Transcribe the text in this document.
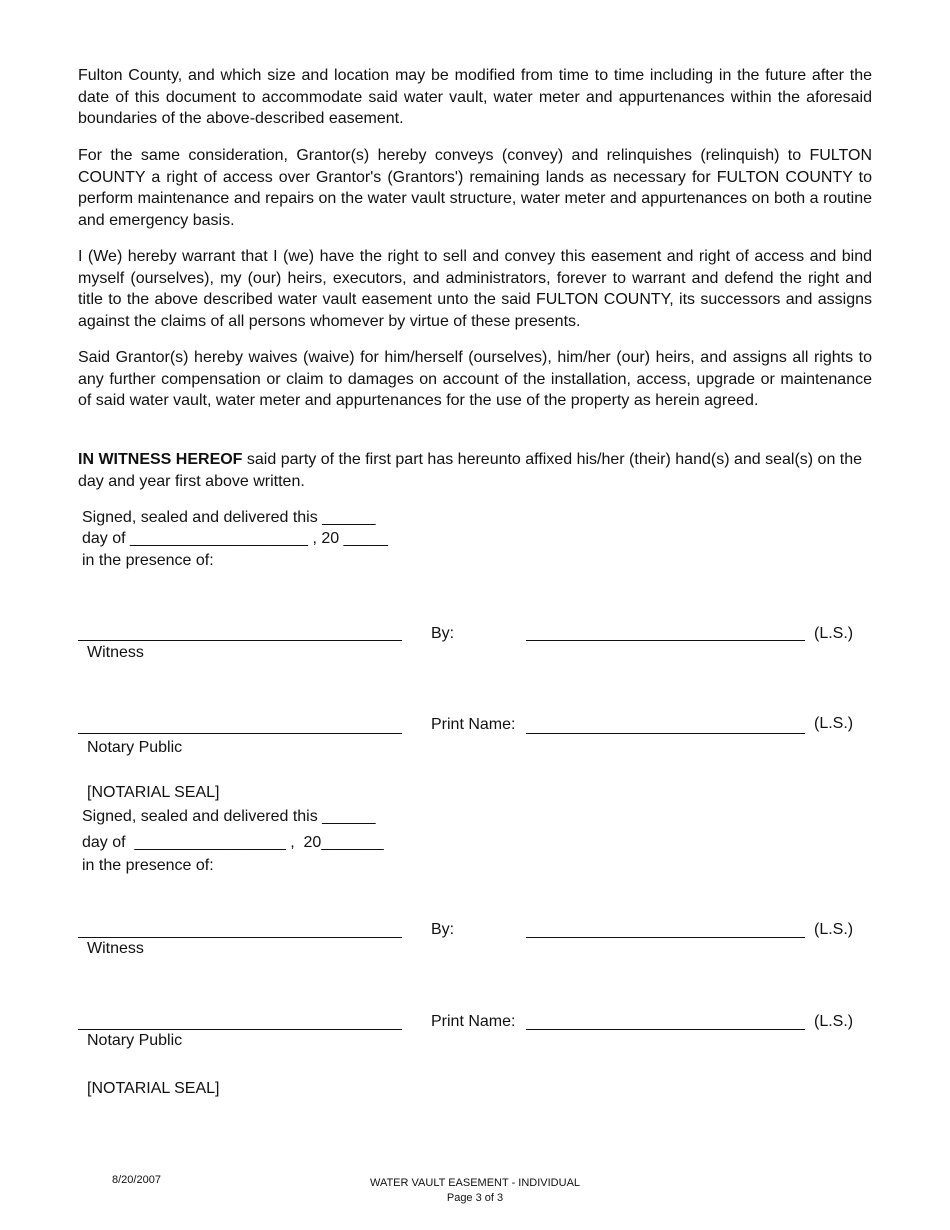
Fulton County, and which size and location may be modified from time to time including in the future after the date of this document to accommodate said water vault, water meter and appurtenances within the aforesaid boundaries of the above-described easement.

For the same consideration, Grantor(s) hereby conveys (convey) and relinquishes (relinquish) to FULTON COUNTY a right of access over Grantor's (Grantors') remaining lands as necessary for FULTON COUNTY to perform maintenance and repairs on the water vault structure, water meter and appurtenances on both a routine and emergency basis.

I (We) hereby warrant that I (we) have the right to sell and convey this easement and right of access and bind myself (ourselves), my (our) heirs, executors, and administrators, forever to warrant and defend the right and title to the above described water vault easement unto the said FULTON COUNTY, its successors and assigns against the claims of all persons whomever by virtue of these presents.

Said Grantor(s) hereby waives (waive) for him/herself (ourselves), him/her (our) heirs, and assigns all rights to any further compensation or claim to damages on account of the installation, access, upgrade or maintenance of said water vault, water meter and appurtenances for the use of the property as herein agreed.

IN WITNESS HEREOF said party of the first part has hereunto affixed his/her (their) hand(s) and seal(s) on the day and year first above written.

Signed, sealed and delivered this ______

day of ____________________ , 20 _____

in the presence of:

Witness

By:	(L.S.)

Notary Public

Print Name:	(L.S.)

[NOTARIAL SEAL]

Signed, sealed and delivered this ______

day of  _________________ ,  20_______

in the presence of:

Witness

By:	(L.S.)

Notary Public

Print Name:	(L.S.)

[NOTARIAL SEAL]

8/20/2007	WATER VAULT EASEMENT - INDIVIDUAL

Page 3 of 3
